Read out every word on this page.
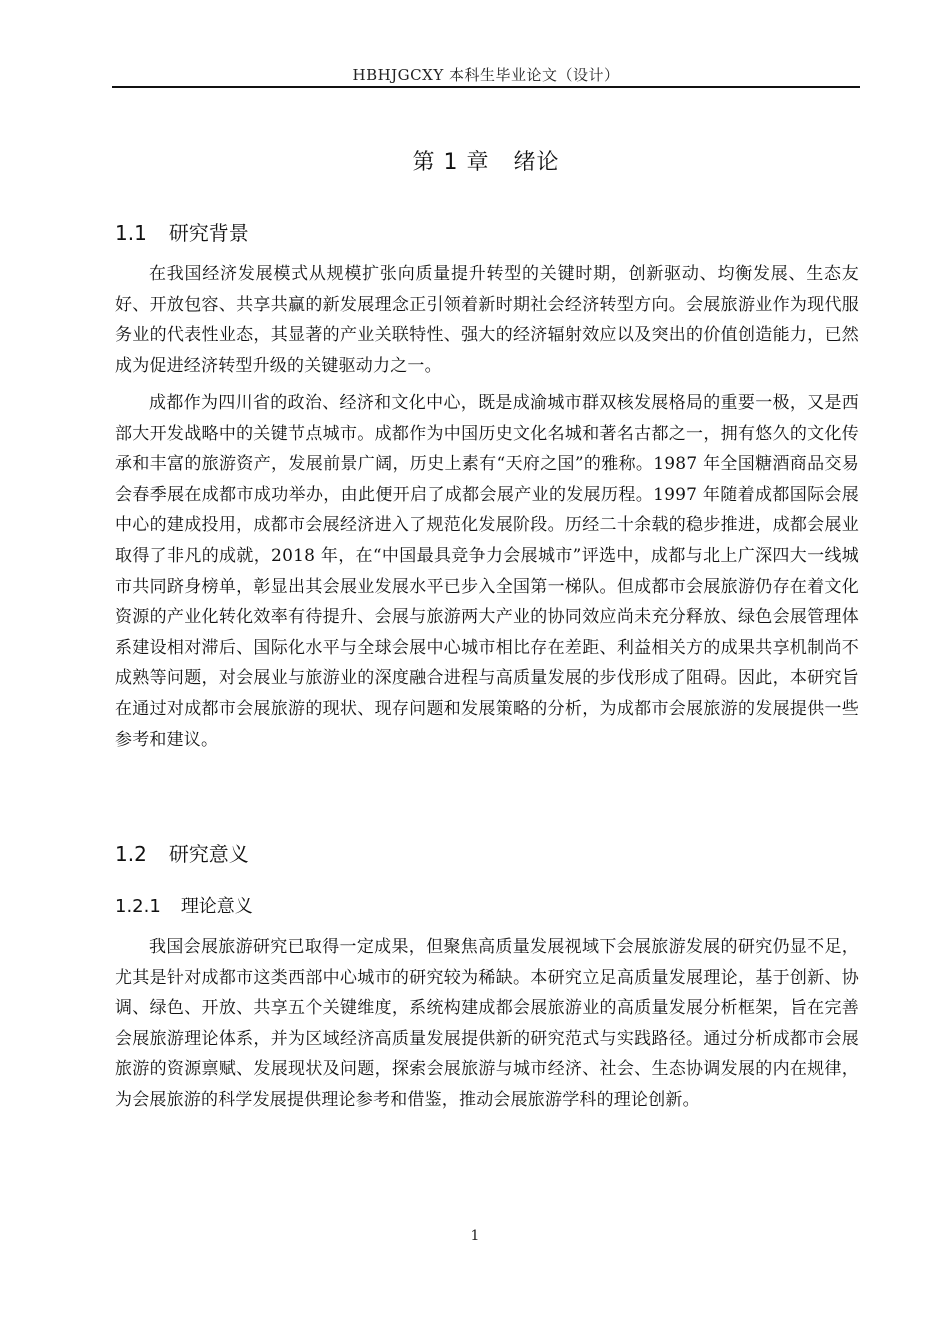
HBHJGCXY 本科生毕业论文（设计）
第 1 章 绪论
1.1 研究背景

在我国经济发展模式从规模扩张向质量提升转型的关键时期，创新驱动、均衡发展、生态友好、开放包容、共享共赢的新发展理念正引领着新时期社会经济转型方向。会展旅游业作为现代服务业的代表性业态，其显著的产业关联特性、强大的经济辐射效应以及突出的价值创造能力，已然成为促进经济转型升级的关键驱动力之一。

成都作为四川省的政治、经济和文化中心，既是成渝城市群双核发展格局的重要一极，又是西部大开发战略中的关键节点城市。成都作为中国历史文化名城和著名古都之一，拥有悠久的文化传承和丰富的旅游资产，发展前景广阔，历史上素有“天府之国”的雅称。1987 年全国糖酒商品交易会春季展在成都市成功举办，由此便开启了成都会展产业的发展历程。1997 年随着成都国际会展中心的建成投用，成都市会展经济进入了规范化发展阶段。历经二十余载的稳步推进，成都会展业取得了非凡的成就，2018 年，在“中国最具竞争力会展城市”评选中，成都与北上广深四大一线城市共同跻身榜单，彰显出其会展业发展水平已步入全国第一梯队。但成都市会展旅游仍存在着文化资源的产业化转化效率有待提升、会展与旅游两大产业的协同效应尚未充分释放、绿色会展管理体系建设相对滞后、国际化水平与全球会展中心城市相比存在差距、利益相关方的成果共享机制尚不成熟等问题，对会展业与旅游业的深度融合进程与高质量发展的步伐形成了阻碍。因此，本研究旨在通过对成都市会展旅游的现状、现存问题和发展策略的分析，为成都市会展旅游的发展提供一些参考和建议。

1.2 研究意义
1.2.1 理论意义

我国会展旅游研究已取得一定成果，但聚焦高质量发展视域下会展旅游发展的研究仍显不足，尤其是针对成都市这类西部中心城市的研究较为稀缺。本研究立足高质量发展理论，基于创新、协调、绿色、开放、共享五个关键维度，系统构建成都会展旅游业的高质量发展分析框架，旨在完善会展旅游理论体系，并为区域经济高质量发展提供新的研究范式与实践路径。通过分析成都市会展旅游的资源禀赋、发展现状及问题，探索会展旅游与城市经济、社会、生态协调发展的内在规律，为会展旅游的科学发展提供理论参考和借鉴，推动会展旅游学科的理论创新。

1
